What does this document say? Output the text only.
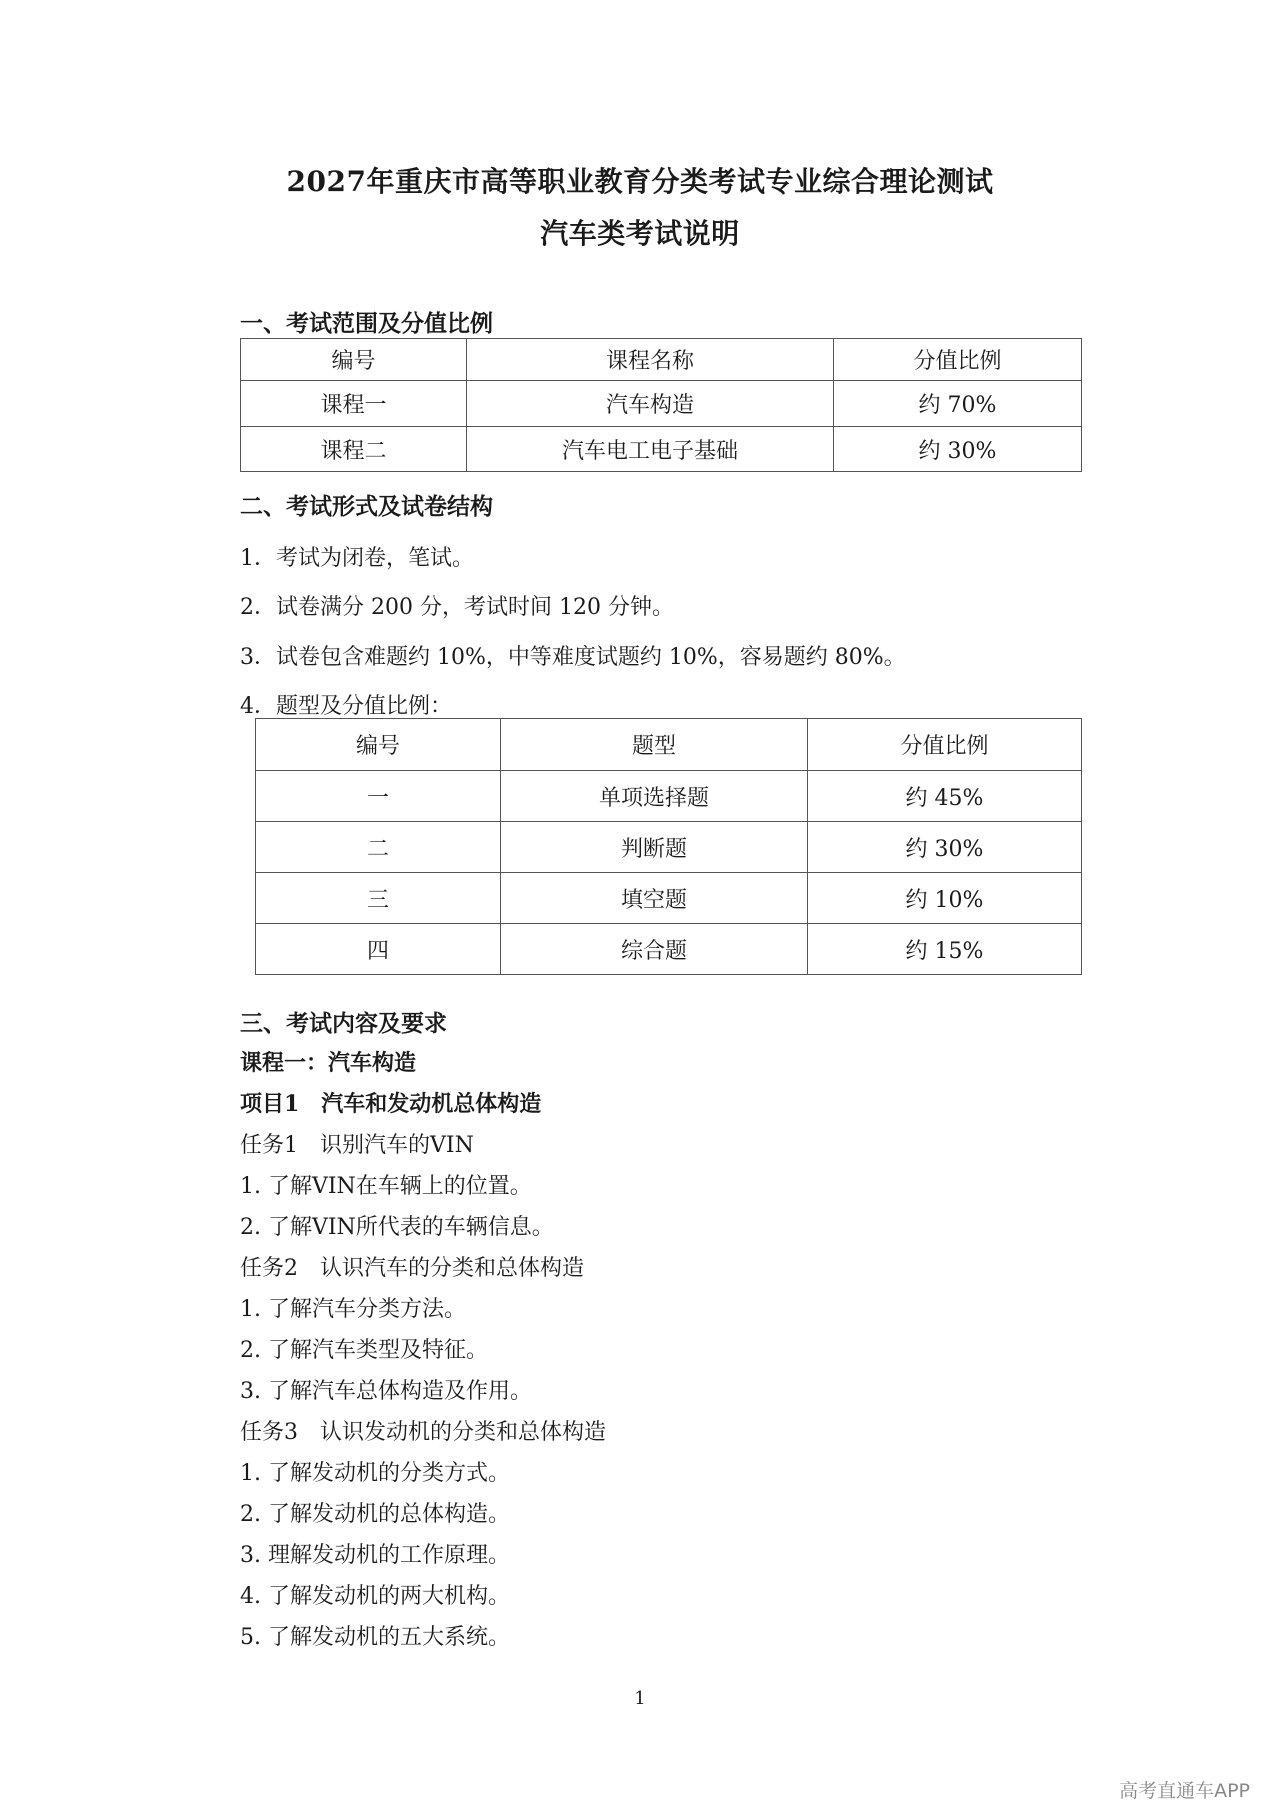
2027年重庆市高等职业教育分类考试专业综合理论测试
汽车类考试说明
一、考试范围及分值比例
编号	课程名称	分值比例
课程一	汽车构造	约 70%
课程二	汽车电工电子基础	约 30%
二、考试形式及试卷结构
1．考试为闭卷，笔试。
2．试卷满分 200 分，考试时间 120 分钟。
3．试卷包含难题约 10%，中等难度试题约 10%，容易题约 80%。
4．题型及分值比例：
编号	题型	分值比例
一	单项选择题	约 45%
二	判断题	约 30%
三	填空题	约 10%
四	综合题	约 15%
三、考试内容及要求
课程一：汽车构造
项目1　汽车和发动机总体构造
任务1　识别汽车的VIN
1. 了解VIN在车辆上的位置。
2. 了解VIN所代表的车辆信息。
任务2　认识汽车的分类和总体构造
1. 了解汽车分类方法。
2. 了解汽车类型及特征。
3. 了解汽车总体构造及作用。
任务3　认识发动机的分类和总体构造
1. 了解发动机的分类方式。
2. 了解发动机的总体构造。
3. 理解发动机的工作原理。
4. 了解发动机的两大机构。
5. 了解发动机的五大系统。
1
高考直通车APP
